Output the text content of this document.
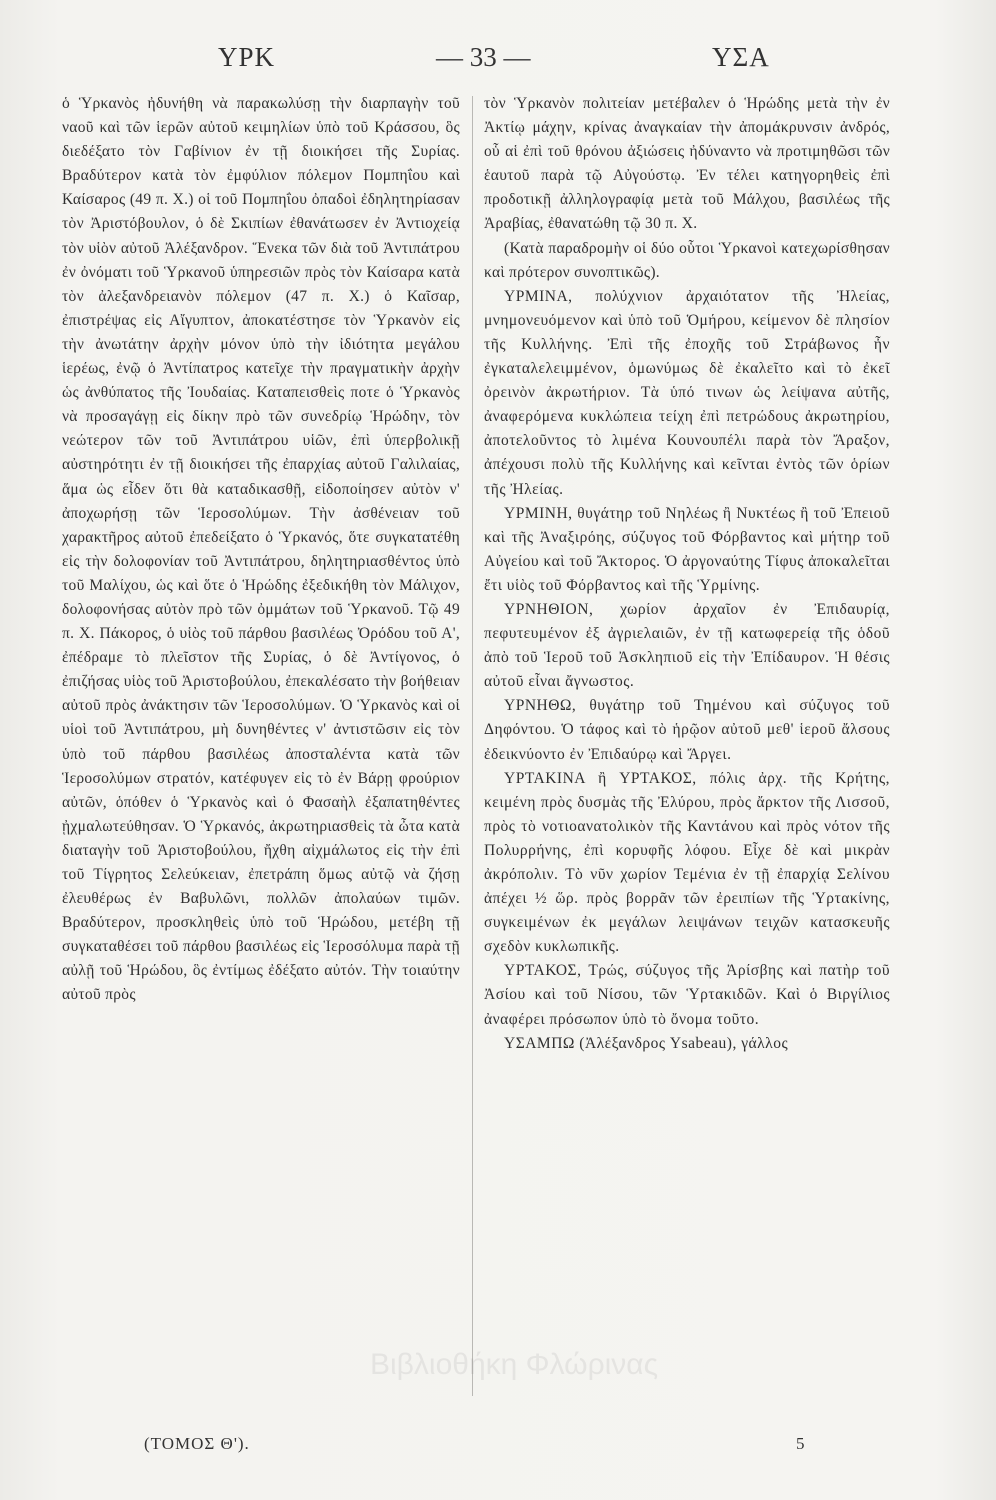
ΥΡΚ	— 33 —	ΥΣΑ

ὁ Ὑρκανὸς ἠδυνήθη νὰ παρακωλύσῃ τὴν διαρπαγὴν τοῦ ναοῦ καὶ τῶν ἱερῶν αὐτοῦ κειμηλίων ὑπὸ τοῦ Κράσσου, ὃς διεδέξατο τὸν Γαβίνιον ἐν τῇ διοικήσει τῆς Συρίας. Βραδύτερον κατὰ τὸν ἐμφύλιον πόλεμον Πομπηΐου καὶ Καίσαρος (49 π. Χ.) οἱ τοῦ Πομπηΐου ὀπαδοὶ ἐδηλητηρίασαν τὸν Ἀριστόβουλον, ὁ δὲ Σκιπίων ἐθανάτωσεν ἐν Ἀντιοχείᾳ τὸν υἱὸν αὐτοῦ Ἀλέξανδρον. Ἕνεκα τῶν διὰ τοῦ Ἀντιπάτρου ἐν ὀνόματι τοῦ Ὑρκανοῦ ὑπηρεσιῶν πρὸς τὸν Καίσαρα κατὰ τὸν ἀλεξανδρειανὸν πόλεμον (47 π. Χ.) ὁ Καῖσαρ, ἐπιστρέψας εἰς Αἴγυπτον, ἀποκατέστησε τὸν Ὑρκανὸν εἰς τὴν ἀνωτάτην ἀρχὴν μόνον ὑπὸ τὴν ἰδιότητα μεγάλου ἱερέως, ἐνῷ ὁ Ἀντίπατρος κατεῖχε τὴν πραγματικὴν ἀρχὴν ὡς ἀνθύπατος τῆς Ἰουδαίας. Καταπεισθεὶς ποτε ὁ Ὑρκανὸς νὰ προσαγάγῃ εἰς δίκην πρὸ τῶν συνεδρίῳ Ἡρώδην, τὸν νεώτερον τῶν τοῦ Ἀντιπάτρου υἱῶν, ἐπὶ ὑπερβολικῇ αὐστηρότητι ἐν τῇ διοικήσει τῆς ἐπαρχίας αὐτοῦ Γαλιλαίας, ἅμα ὡς εἶδεν ὅτι θὰ καταδικασθῇ, εἰδοποίησεν αὐτὸν ν' ἀποχωρήσῃ τῶν Ἱεροσολύμων. Τὴν ἀσθένειαν τοῦ χαρακτῆρος αὐτοῦ ἐπεδείξατο ὁ Ὑρκανός, ὅτε συγκατατέθη εἰς τὴν δολοφονίαν τοῦ Ἀντιπάτρου, δηλητηριασθέντος ὑπὸ τοῦ Μαλίχου, ὡς καὶ ὅτε ὁ Ἡρώδης ἐξεδικήθη τὸν Μάλιχον, δολοφονήσας αὐτὸν πρὸ τῶν ὀμμάτων τοῦ Ὑρκανοῦ. Τῷ 49 π. Χ. Πάκορος, ὁ υἱὸς τοῦ πάρθου βασιλέως Ὀρόδου τοῦ Α', ἐπέδραμε τὸ πλεῖστον τῆς Συρίας, ὁ δὲ Ἀντίγονος, ὁ ἐπιζήσας υἱὸς τοῦ Ἀριστοβούλου, ἐπεκαλέσατο τὴν βοήθειαν αὐτοῦ πρὸς ἀνάκτησιν τῶν Ἱεροσολύμων. Ὁ Ὑρκανὸς καὶ οἱ υἱοὶ τοῦ Ἀντιπάτρου, μὴ δυνηθέντες ν' ἀντιστῶσιν εἰς τὸν ὑπὸ τοῦ πάρθου βασιλέως ἀποσταλέντα κατὰ τῶν Ἱεροσολύμων στρατόν, κατέφυγεν εἰς τὸ ἐν Βάρῃ φρούριον αὐτῶν, ὁπόθεν ὁ Ὑρκανὸς καὶ ὁ Φασαὴλ ἐξαπατηθέντες ᾐχμαλωτεύθησαν. Ὁ Ὑρκανός, ἀκρωτηριασθεὶς τὰ ὦτα κατὰ διαταγὴν τοῦ Ἀριστοβούλου, ἤχθη αἰχμάλωτος εἰς τὴν ἐπὶ τοῦ Τίγρητος Σελεύκειαν, ἐπετράπη ὅμως αὐτῷ νὰ ζήσῃ ἐλευθέρως ἐν Βαβυλῶνι, πολλῶν ἀπολαύων τιμῶν. Βραδύτερον, προσκληθεὶς ὑπὸ τοῦ Ἡρώδου, μετέβη τῇ συγκαταθέσει τοῦ πάρθου βασιλέως εἰς Ἱεροσόλυμα παρὰ τῇ αὐλῇ τοῦ Ἡρώδου, ὃς ἐντίμως ἐδέξατο αὐτόν. Τὴν τοιαύτην αὐτοῦ πρὸς

τὸν Ὑρκανὸν πολιτείαν μετέβαλεν ὁ Ἡρώδης μετὰ τὴν ἐν Ἀκτίῳ μάχην, κρίνας ἀναγκαίαν τὴν ἀπομάκρυνσιν ἀνδρός, οὗ αἱ ἐπὶ τοῦ θρόνου ἀξιώσεις ἠδύναντο νὰ προτιμηθῶσι τῶν ἑαυτοῦ παρὰ τῷ Αὐγούστῳ. Ἐν τέλει κατηγορηθεὶς ἐπὶ προδοτικῇ ἀλληλογραφίᾳ μετὰ τοῦ Μάλχου, βασιλέως τῆς Ἀραβίας, ἐθανατώθη τῷ 30 π. Χ.

(Κατὰ παραδρομὴν οἱ δύο οὗτοι Ὑρκανοὶ κατεχωρίσθησαν καὶ πρότερον συνοπτικῶς).

ΥΡΜΙΝΑ, πολύχνιον ἀρχαιότατον τῆς Ἠλείας, μνημονευόμενον καὶ ὑπὸ τοῦ Ὁμήρου, κείμενον δὲ πλησίον τῆς Κυλλήνης. Ἐπὶ τῆς ἐποχῆς τοῦ Στράβωνος ἦν ἐγκαταλελειμμένον, ὁμωνύμως δὲ ἐκαλεῖτο καὶ τὸ ἐκεῖ ὀρεινὸν ἀκρωτήριον. Τὰ ὑπό τινων ὡς λείψανα αὐτῆς, ἀναφερόμενα κυκλώπεια τείχη ἐπὶ πετρώδους ἀκρωτηρίου, ἀποτελοῦντος τὸ λιμένα Κουνουπέλι παρὰ τὸν Ἄραξον, ἀπέχουσι πολὺ τῆς Κυλλήνης καὶ κεῖνται ἐντὸς τῶν ὁρίων τῆς Ἠλείας.

ΥΡΜΙΝΗ, θυγάτηρ τοῦ Νηλέως ἢ Νυκτέως ἢ τοῦ Ἐπειοῦ καὶ τῆς Ἀναξιρόης, σύζυγος τοῦ Φόρβαντος καὶ μήτηρ τοῦ Αὐγείου καὶ τοῦ Ἄκτορος. Ὁ ἀργοναύτης Τίφυς ἀποκαλεῖται ἔτι υἱὸς τοῦ Φόρβαντος καὶ τῆς Ὑρμίνης.

ΥΡΝΗΘΙΟΝ, χωρίον ἀρχαῖον ἐν Ἐπιδαυρίᾳ, πεφυτευμένον ἐξ ἀγριελαιῶν, ἐν τῇ κατωφερείᾳ τῆς ὁδοῦ ἀπὸ τοῦ Ἱεροῦ τοῦ Ἀσκληπιοῦ εἰς τὴν Ἐπίδαυρον. Ἡ θέσις αὐτοῦ εἶναι ἄγνωστος.

ΥΡΝΗΘΩ, θυγάτηρ τοῦ Τημένου καὶ σύζυγος τοῦ Δηφόντου. Ὁ τάφος καὶ τὸ ἡρῷον αὐτοῦ μεθ' ἱεροῦ ἄλσους ἐδεικνύοντο ἐν Ἐπιδαύρῳ καὶ Ἄργει.

ΥΡΤΑΚΙΝΑ ἢ ΥΡΤΑΚΟΣ, πόλις ἀρχ. τῆς Κρήτης, κειμένη πρὸς δυσμὰς τῆς Ἐλύρου, πρὸς ἄρκτον τῆς Λισσοῦ, πρὸς τὸ νοτιοανατολικὸν τῆς Καντάνου καὶ πρὸς νότον τῆς Πολυρρήνης, ἐπὶ κορυφῆς λόφου. Εἶχε δὲ καὶ μικρὰν ἀκρόπολιν. Τὸ νῦν χωρίον Τεμένια ἐν τῇ ἐπαρχίᾳ Σελίνου ἀπέχει ½ ὥρ. πρὸς βορρᾶν τῶν ἐρειπίων τῆς Ὑρτακίνης, συγκειμένων ἐκ μεγάλων λειψάνων τειχῶν κατασκευῆς σχεδὸν κυκλωπικῆς.

ΥΡΤΑΚΟΣ, Τρώς, σύζυγος τῆς Ἀρίσβης καὶ πατὴρ τοῦ Ἀσίου καὶ τοῦ Νίσου, τῶν Ὑρτακιδῶν. Καὶ ὁ Βιργίλιος ἀναφέρει πρόσωπον ὑπὸ τὸ ὄνομα τοῦτο.

ΥΣΑΜΠΩ (Ἀλέξανδρος Ysabeau), γάλλος

Βιβλιοθήκη Φλώρινας
(ΤΟΜΟΣ Θ').	5
